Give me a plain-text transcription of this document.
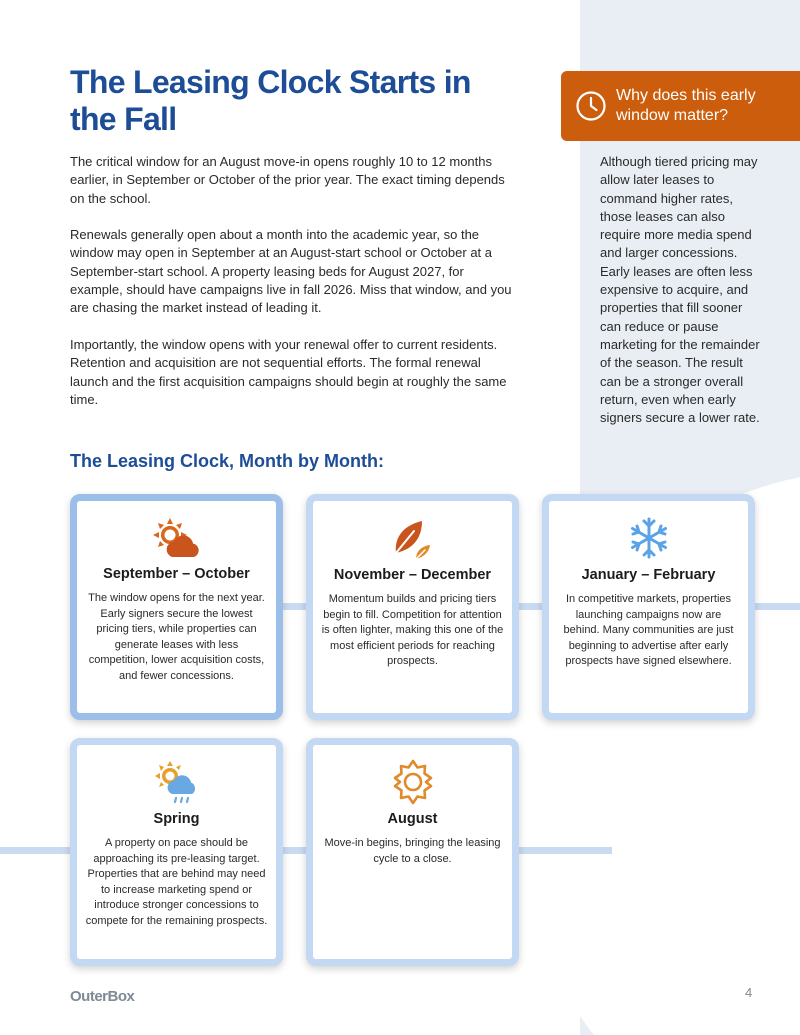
The Leasing Clock Starts in the Fall

The critical window for an August move-in opens roughly 10 to 12 months earlier, in September or October of the prior year. The exact timing depends on the school.

Renewals generally open about a month into the academic year, so the window may open in September at an August-start school or October at a September-start school. A property leasing beds for August 2027, for example, should have campaigns live in fall 2026. Miss that window, and you are chasing the market instead of leading it.

Importantly, the window opens with your renewal offer to current residents. Retention and acquisition are not sequential efforts. The formal renewal launch and the first acquisition campaigns should begin at roughly the same time.

Why does this early window matter?
Although tiered pricing may allow later leases to command higher rates, those leases can also require more media spend and larger concessions. Early leases are often less expensive to acquire, and properties that fill sooner can reduce or pause marketing for the remainder of the season. The result can be a stronger overall return, even when early signers secure a lower rate.
The Leasing Clock, Month by Month:
September – October
The window opens for the next year. Early signers secure the lowest pricing tiers, while properties can generate leases with less competition, lower acquisition costs, and fewer concessions.
November – December
Momentum builds and pricing tiers begin to fill. Competition for attention is often lighter, making this one of the most efficient periods for reaching prospects.
January – February
In competitive markets, properties launching campaigns now are behind. Many communities are just beginning to advertise after early prospects have signed elsewhere.
Spring
A property on pace should be approaching its pre-leasing target. Properties that are behind may need to increase marketing spend or introduce stronger concessions to compete for the remaining prospects.
August
Move-in begins, bringing the leasing cycle to a close.
OuterBox	4
